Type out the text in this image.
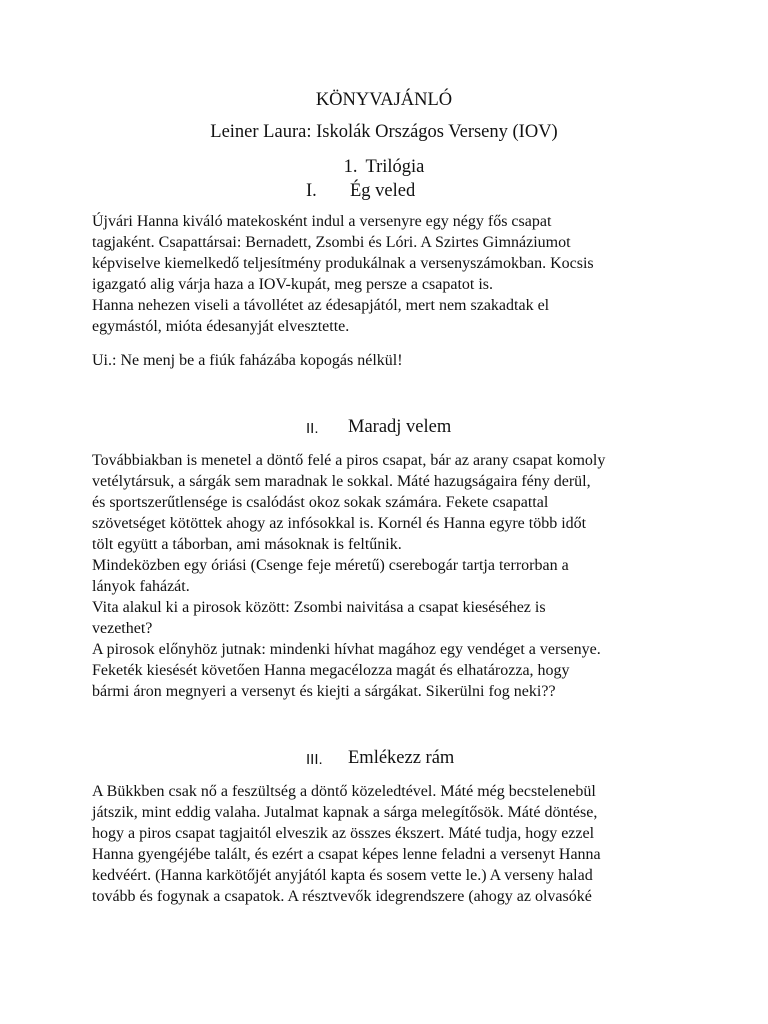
KÖNYVAJÁNLÓ
Leiner Laura: Iskolák Országos Verseny (IOV)
1. Trilógia
I. Ég veled
Újvári Hanna kiváló matekosként indul a versenyre egy négy fős csapat
tagjaként. Csapattársai: Bernadett, Zsombi és Lóri. A Szirtes Gimnáziumot
képviselve kiemelkedő teljesítmény produkálnak a versenyszámokban. Kocsis
igazgató alig várja haza a IOV-kupát, meg persze a csapatot is.
Hanna nehezen viseli a távollétet az édesapjától, mert nem szakadtak el
egymástól, mióta édesanyját elvesztette.
Ui.: Ne menj be a fiúk faházába kopogás nélkül!
II. Maradj velem
Továbbiakban is menetel a döntő felé a piros csapat, bár az arany csapat komoly
vetélytársuk, a sárgák sem maradnak le sokkal. Máté hazugságaira fény derül,
és sportszerűtlensége is csalódást okoz sokak számára. Fekete csapattal
szövetséget kötöttek ahogy az infósokkal is. Kornél és Hanna egyre több időt
tölt együtt a táborban, ami másoknak is feltűnik.
Mindeközben egy óriási (Csenge feje méretű) cserebogár tartja terrorban a
lányok faházát.
Vita alakul ki a pirosok között: Zsombi naivitása a csapat kieséséhez is
vezethet?
A pirosok előnyhöz jutnak: mindenki hívhat magához egy vendéget a versenye.
Feketék kiesését követően Hanna megacélozza magát és elhatározza, hogy
bármi áron megnyeri a versenyt és kiejti a sárgákat. Sikerülni fog neki??
III. Emlékezz rám
A Bükkben csak nő a feszültség a döntő közeledtével. Máté még becstelenebül
játszik, mint eddig valaha. Jutalmat kapnak a sárga melegítősök. Máté döntése,
hogy a piros csapat tagjaitól elveszik az összes ékszert. Máté tudja, hogy ezzel
Hanna gyengéjébe talált, és ezért a csapat képes lenne feladni a versenyt Hanna
kedvéért. (Hanna karkötőjét anyjától kapta és sosem vette le.) A verseny halad
tovább és fogynak a csapatok. A résztvevők idegrendszere (ahogy az olvasóké
